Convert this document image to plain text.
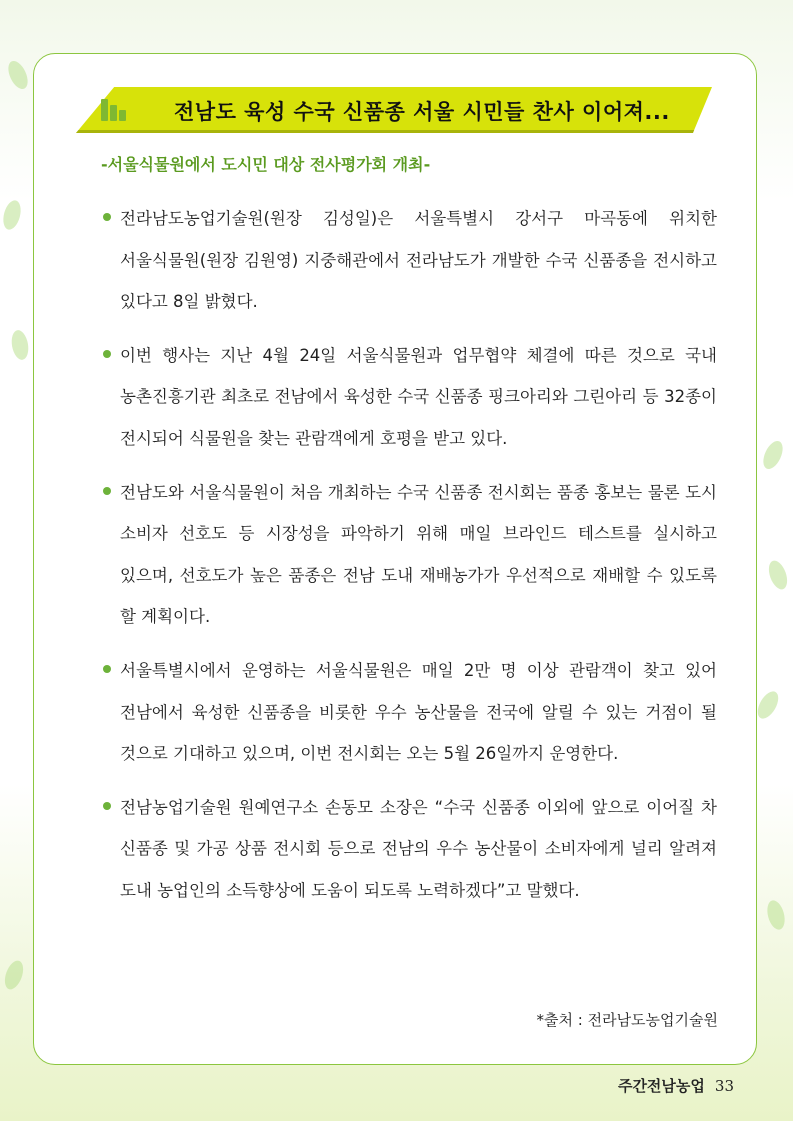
전남도 육성 수국 신품종 서울 시민들 찬사 이어져...
-서울식물원에서 도시민 대상 전사평가회 개최-
전라남도농업기술원(원장 김성일)은 서울특별시 강서구 마곡동에 위치한 서울식물원(원장 김원영) 지중해관에서 전라남도가 개발한 수국 신품종을 전시하고 있다고 8일 밝혔다.
이번 행사는 지난 4월 24일 서울식물원과 업무협약 체결에 따른 것으로 국내 농촌진흥기관 최초로 전남에서 육성한 수국 신품종 핑크아리와 그린아리 등 32종이 전시되어 식물원을 찾는 관람객에게 호평을 받고 있다.
전남도와 서울식물원이 처음 개최하는 수국 신품종 전시회는 품종 홍보는 물론 도시 소비자 선호도 등 시장성을 파악하기 위해 매일 브라인드 테스트를 실시하고 있으며, 선호도가 높은 품종은 전남 도내 재배농가가 우선적으로 재배할 수 있도록 할 계획이다.
서울특별시에서 운영하는 서울식물원은 매일 2만 명 이상 관람객이 찾고 있어 전남에서 육성한 신품종을 비롯한 우수 농산물을 전국에 알릴 수 있는 거점이 될 것으로 기대하고 있으며, 이번 전시회는 오는 5월 26일까지 운영한다.
전남농업기술원 원예연구소 손동모 소장은 “수국 신품종 이외에 앞으로 이어질 차 신품종 및 가공 상품 전시회 등으로 전남의 우수 농산물이 소비자에게 널리 알려져 도내 농업인의 소득향상에 도움이 되도록 노력하겠다”고 말했다.
*출처 : 전라남도농업기술원
주간전남농업 33
